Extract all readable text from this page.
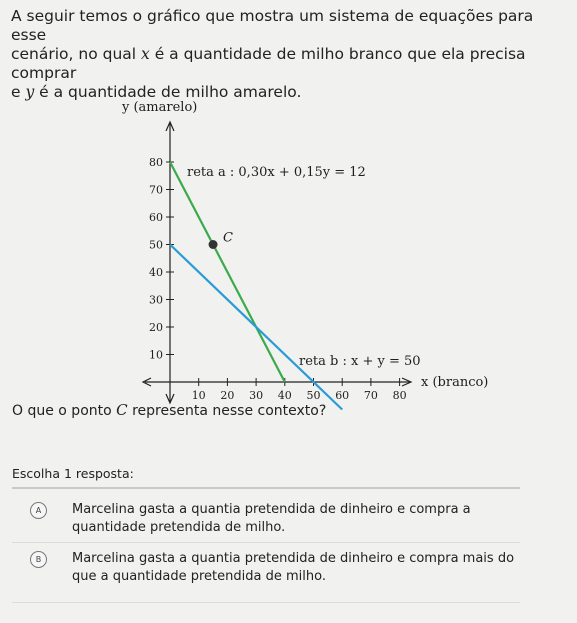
A seguir temos o gráfico que mostra um sistema de equações para esse
cenário, no qual x é a quantidade de milho branco que ela precisa comprar
e y é a quantidade de milho amarelo.
10 20 30 40 50 60 70 80
10
20
30
40
50
60
70
80
C
y (amarelo)
x (branco)
reta a : 0,30x + 0,15y = 12
reta b : x + y = 50
O que o ponto C representa nesse contexto?
Escolha 1 resposta:
A	Marcelina gasta a quantia pretendida de dinheiro e compra a quantidade pretendida de milho.
B	Marcelina gasta a quantia pretendida de dinheiro e compra mais do que a quantidade pretendida de milho.
